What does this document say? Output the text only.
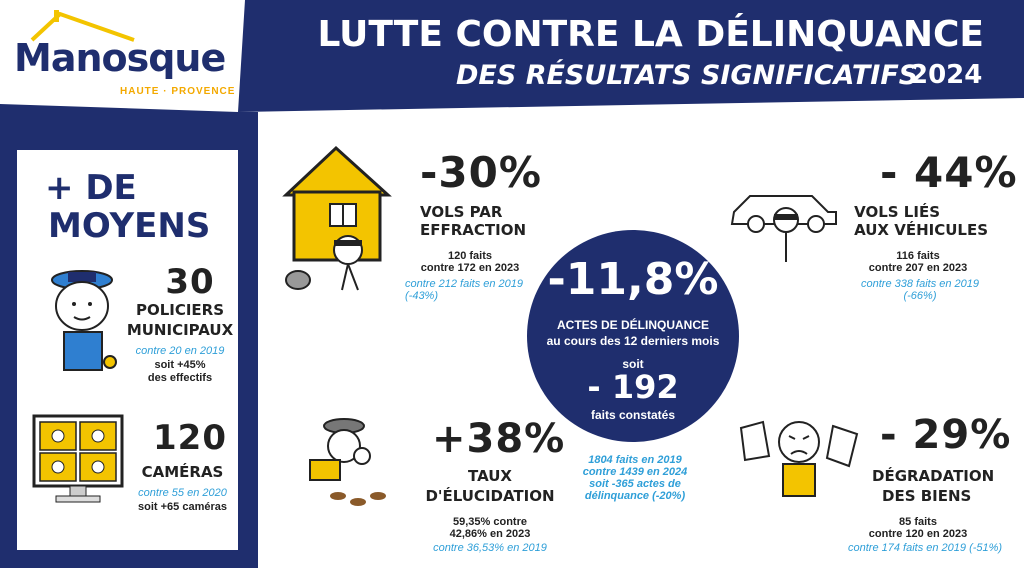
Manosque
HAUTE · PROVENCE
LUTTE CONTRE LA DÉLINQUANCE
DES RÉSULTATS SIGNIFICATIFS
2024
+ DE
MOYENS
30
POLICIERS
MUNICIPAUX
contre 20 en 2019
soit +45%
des effectifs
120
CAMÉRAS
contre 55 en 2020
soit +65 caméras
-11,8%
ACTES DE DÉLINQUANCE
au cours des 12 derniers mois
soit
- 192
faits constatés
1804 faits en 2019
contre 1439 en 2024
soit -365 actes de
délinquance (-20%)
-30%
VOLS PAR
EFFRACTION
120 faits
contre 172 en 2023
contre 212 faits en 2019
(-43%)
- 44%
VOLS LIÉS
AUX VÉHICULES
116 faits
contre 207 en 2023
contre 338 faits en 2019
(-66%)
+38%
TAUX
D'ÉLUCIDATION
59,35% contre
42,86% en 2023
contre 36,53% en 2019
- 29%
DÉGRADATION
DES BIENS
85 faits
contre 120 en 2023
contre 174 faits en 2019 (-51%)
